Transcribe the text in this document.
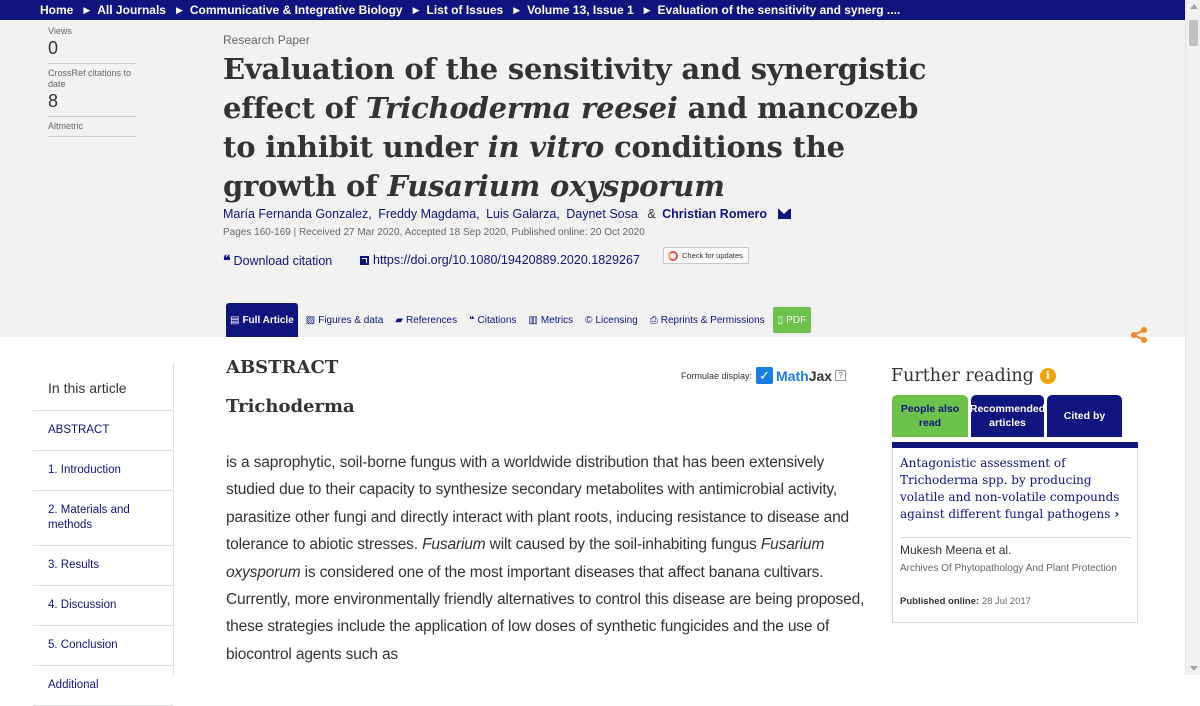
Home ▶ All Journals ▶ Communicative & Integrative Biology ▶ List of Issues ▶ Volume 13, Issue 1 ▶ Evaluation of the sensitivity and synerg ....
Views
0
CrossRef citations to date
8
Altmetric
Research Paper
Evaluation of the sensitivity and synergistic effect of Trichoderma reesei and mancozeb to inhibit under in vitro conditions the growth of Fusarium oxysporum
María Fernanda Gonzalez, Freddy Magdama, Luis Galarza, Daynet Sosa & Christian Romero
Pages 160-169 | Received 27 Mar 2020, Accepted 18 Sep 2020, Published online: 20 Oct 2020
❝ Download citation	https://doi.org/10.1080/19420889.2020.1829267	Check for updates
▤ Full Article ▨ Figures & data ▰ References ❝ Citations ▥ Metrics © Licensing ⎙ Reprints & Permissions ▯ PDF
In this article
ABSTRACT
1. Introduction
2. Materials and methods
3. Results
4. Discussion
5. Conclusion
Additional
ABSTRACT	Formulae display: ✓ MathJax ?
Trichoderma

is a saprophytic, soil-borne fungus with a worldwide distribution that has been extensively studied due to their capacity to synthesize secondary metabolites with antimicrobial activity, parasitize other fungi and directly interact with plant roots, inducing resistance to disease and tolerance to abiotic stresses. Fusarium wilt caused by the soil-inhabiting fungus Fusarium oxysporum is considered one of the most important diseases that affect banana cultivars. Currently, more environmentally friendly alternatives to control this disease are being proposed, these strategies include the application of low doses of synthetic fungicides and the use of biocontrol agents such as

Further reading	i
People also read
Recommended articles
Cited by
Antagonistic assessment of Trichoderma spp. by producing volatile and non-volatile compounds against different fungal pathogens ›
Mukesh Meena et al.
Archives Of Phytopathology And Plant Protection
Published online: 28 Jul 2017
